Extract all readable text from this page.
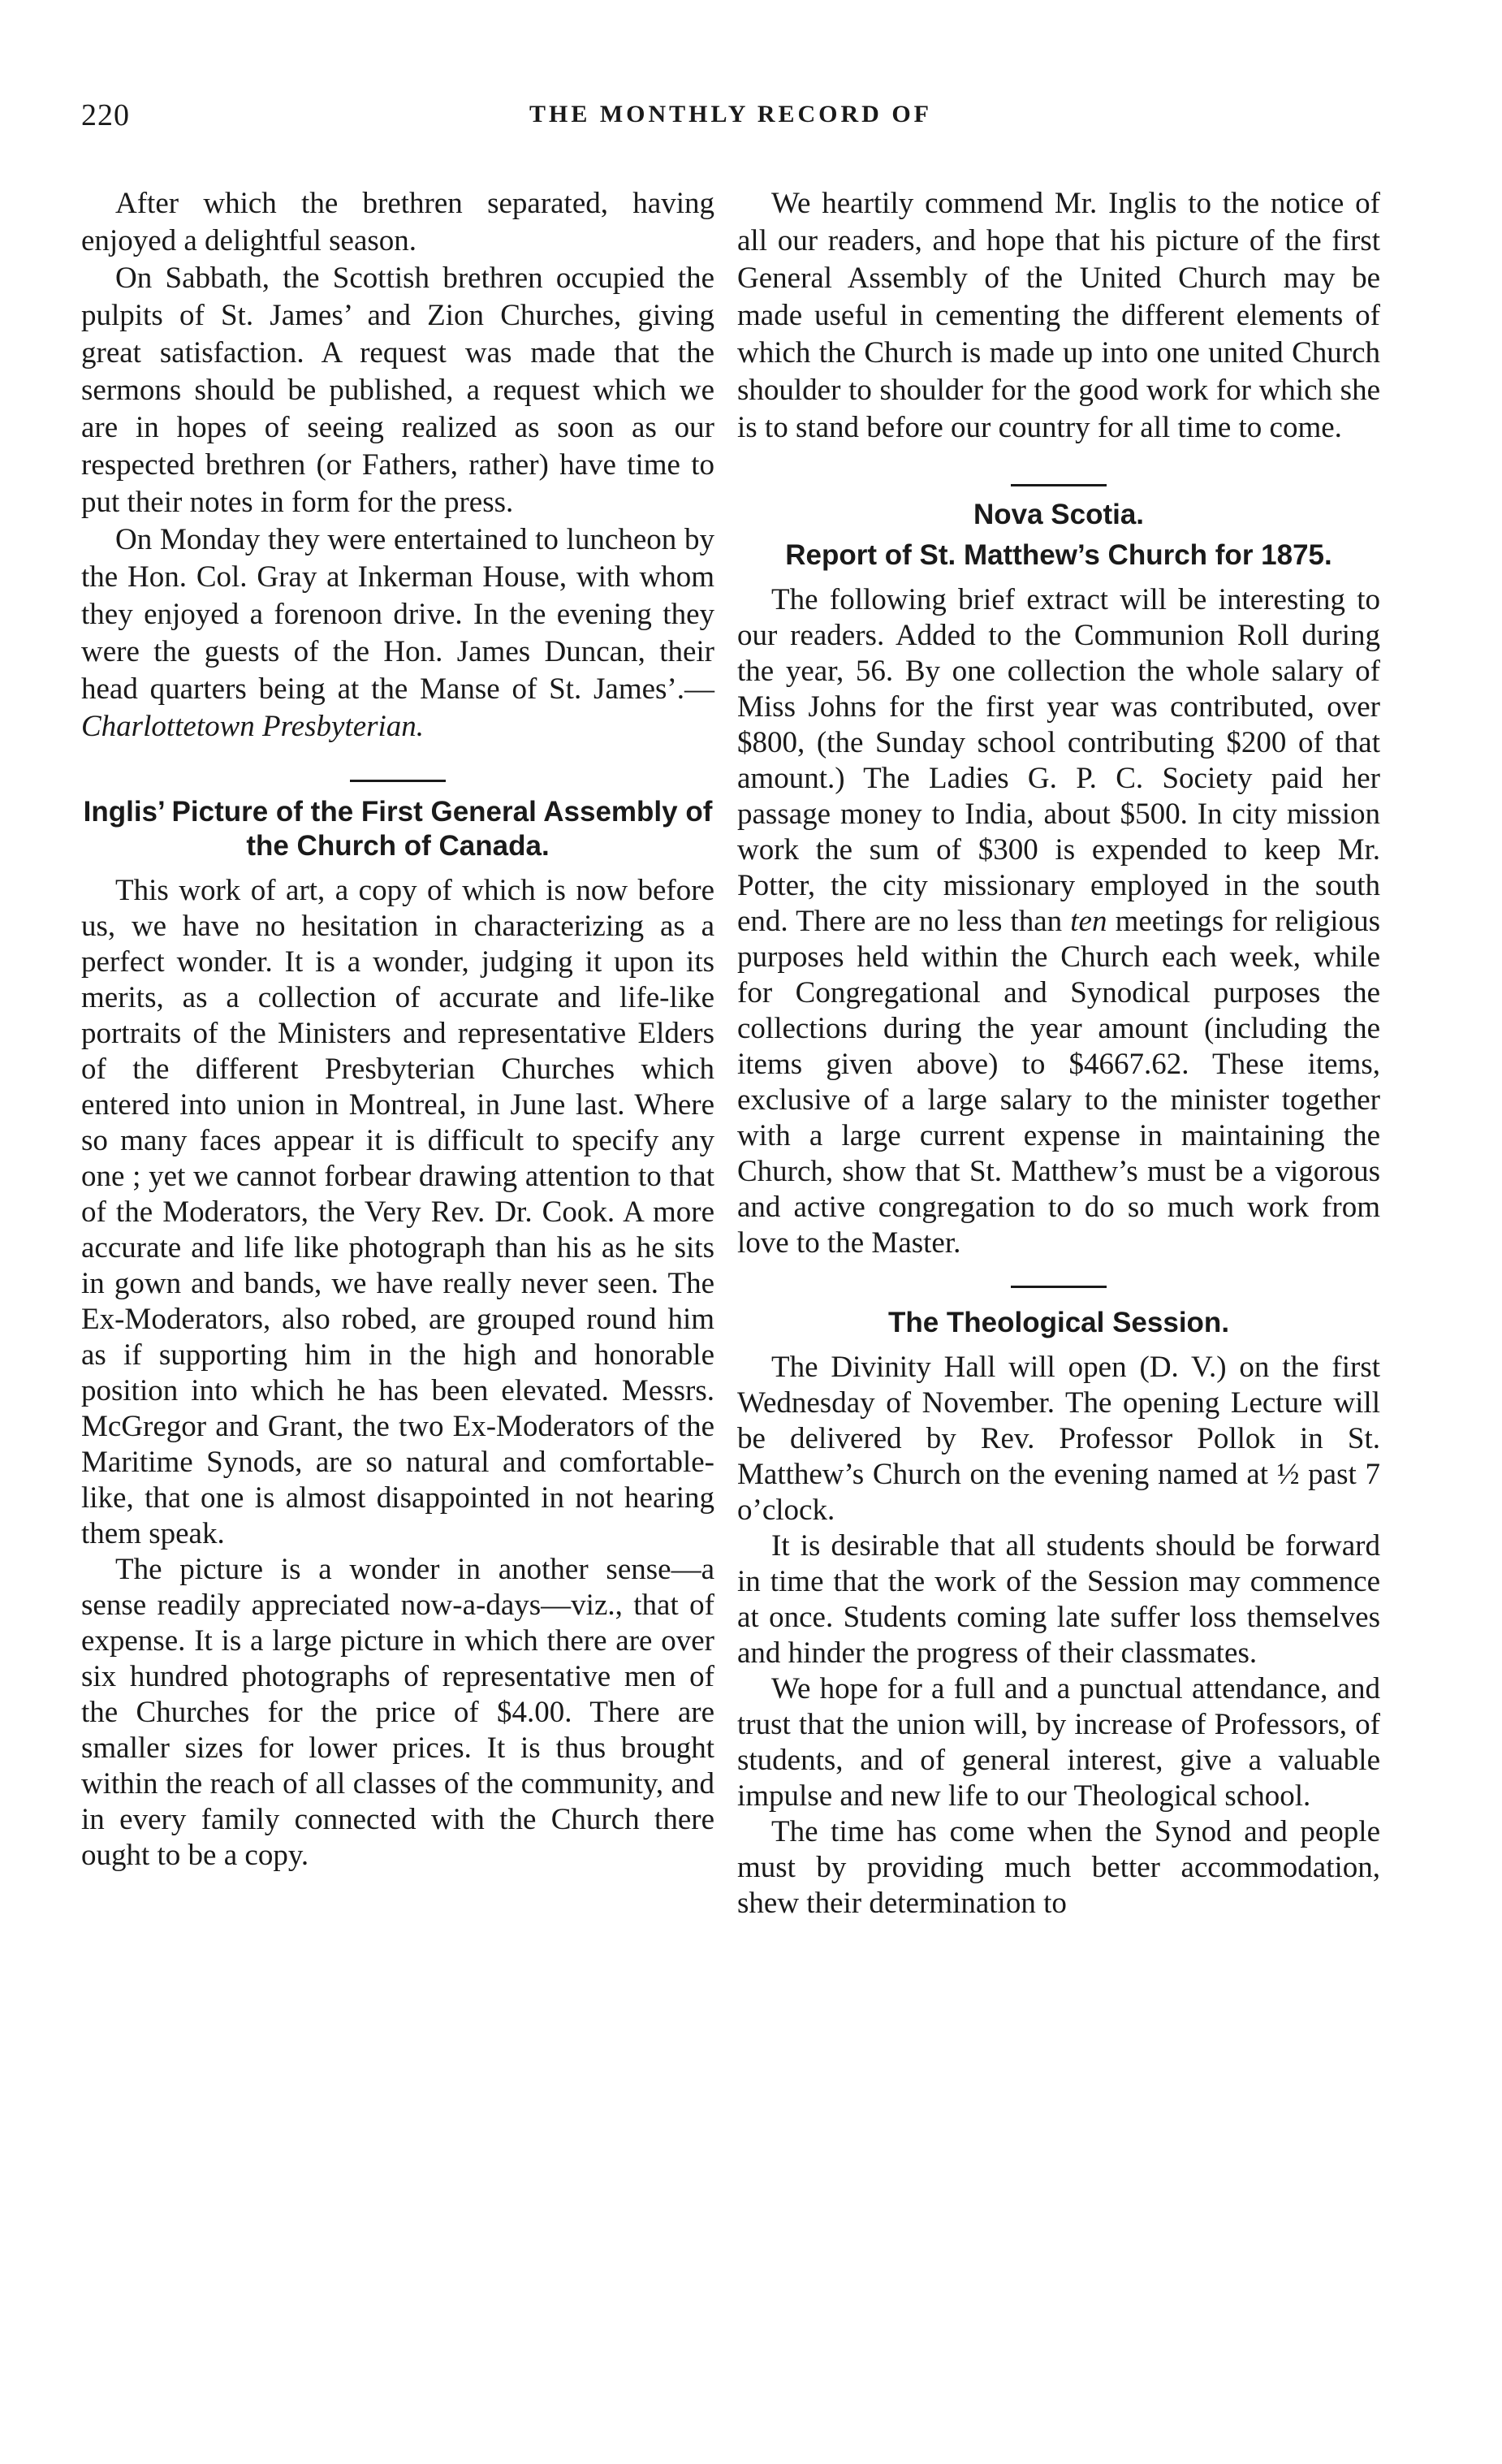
220	THE MONTHLY RECORD OF

After which the brethren separated, having enjoyed a delightful season.

On Sabbath, the Scottish brethren occupied the pulpits of St. James’ and Zion Churches, giving great satisfaction. A request was made that the sermons should be published, a request which we are in hopes of seeing realized as soon as our respected brethren (or Fathers, rather) have time to put their notes in form for the press.

On Monday they were entertained to luncheon by the Hon. Col. Gray at Inkerman House, with whom they enjoyed a forenoon drive. In the evening they were the guests of the Hon. James Duncan, their head quarters being at the Manse of St. James’.—Charlottetown Presbyterian.

Inglis’ Picture of the First General Assembly of the Church of Canada.

This work of art, a copy of which is now before us, we have no hesitation in characterizing as a perfect wonder. It is a wonder, judging it upon its merits, as a collection of accurate and life-like portraits of the Ministers and representative Elders of the different Presbyterian Churches which entered into union in Montreal, in June last. Where so many faces appear it is difficult to specify any one ; yet we cannot forbear drawing attention to that of the Moderators, the Very Rev. Dr. Cook. A more accurate and life like photograph than his as he sits in gown and bands, we have really never seen. The Ex-Moderators, also robed, are grouped round him as if supporting him in the high and honorable position into which he has been elevated. Messrs. McGregor and Grant, the two Ex-Moderators of the Maritime Synods, are so natural and comfortable-like, that one is almost disappointed in not hearing them speak.

The picture is a wonder in another sense—a sense readily appreciated now-a-days—viz., that of expense. It is a large picture in which there are over six hundred photographs of representative men of the Churches for the price of $4.00. There are smaller sizes for lower prices. It is thus brought within the reach of all classes of the community, and in every family connected with the Church there ought to be a copy.

We heartily commend Mr. Inglis to the notice of all our readers, and hope that his picture of the first General Assembly of the United Church may be made useful in cementing the different elements of which the Church is made up into one united Church shoulder to shoulder for the good work for which she is to stand before our country for all time to come.

Nova Scotia.
Report of St. Matthew’s Church for 1875.

The following brief extract will be interesting to our readers. Added to the Communion Roll during the year, 56. By one collection the whole salary of Miss Johns for the first year was contributed, over $800, (the Sunday school contributing $200 of that amount.) The Ladies G. P. C. Society paid her passage money to India, about $500. In city mission work the sum of $300 is expended to keep Mr. Potter, the city missionary employed in the south end. There are no less than ten meetings for religious purposes held within the Church each week, while for Congregational and Synodical purposes the collections during the year amount (including the items given above) to $4667.62. These items, exclusive of a large salary to the minister together with a large current expense in maintaining the Church, show that St. Matthew’s must be a vigorous and active congregation to do so much work from love to the Master.

The Theological Session.

The Divinity Hall will open (D. V.) on the first Wednesday of November. The opening Lecture will be delivered by Rev. Professor Pollok in St. Matthew’s Church on the evening named at ½ past 7 o’clock.

It is desirable that all students should be forward in time that the work of the Session may commence at once. Students coming late suffer loss themselves and hinder the progress of their classmates.

We hope for a full and a punctual attendance, and trust that the union will, by increase of Professors, of students, and of general interest, give a valuable impulse and new life to our Theological school.

The time has come when the Synod and people must by providing much better accommodation, shew their determination to
